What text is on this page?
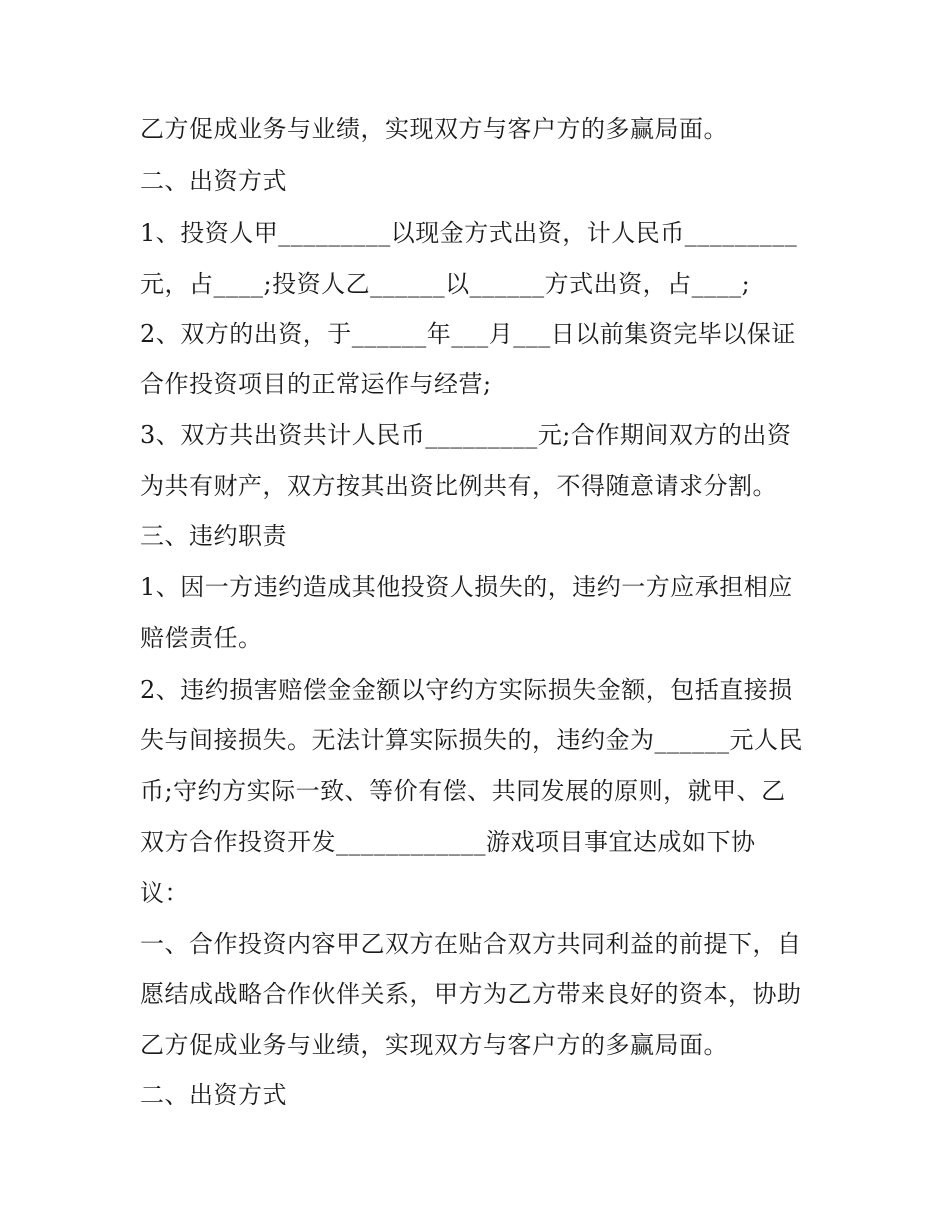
乙方促成业务与业绩，实现双方与客户方的多赢局面。
二、出资方式
1、投资人甲_________以现金方式出资，计人民币_________
元，占____;投资人乙______以______方式出资，占____;
2、双方的出资，于______年___月___日以前集资完毕以保证
合作投资项目的正常运作与经营;
3、双方共出资共计人民币_________元;合作期间双方的出资
为共有财产，双方按其出资比例共有，不得随意请求分割。
三、违约职责
1、因一方违约造成其他投资人损失的，违约一方应承担相应
赔偿责任。
2、违约损害赔偿金金额以守约方实际损失金额，包括直接损
失与间接损失。无法计算实际损失的，违约金为______元人民
币;守约方实际一致、等价有偿、共同发展的原则，就甲、乙
双方合作投资开发____________游戏项目事宜达成如下协
议：
一、合作投资内容甲乙双方在贴合双方共同利益的前提下，自
愿结成战略合作伙伴关系，甲方为乙方带来良好的资本，协助
乙方促成业务与业绩，实现双方与客户方的多赢局面。
二、出资方式
